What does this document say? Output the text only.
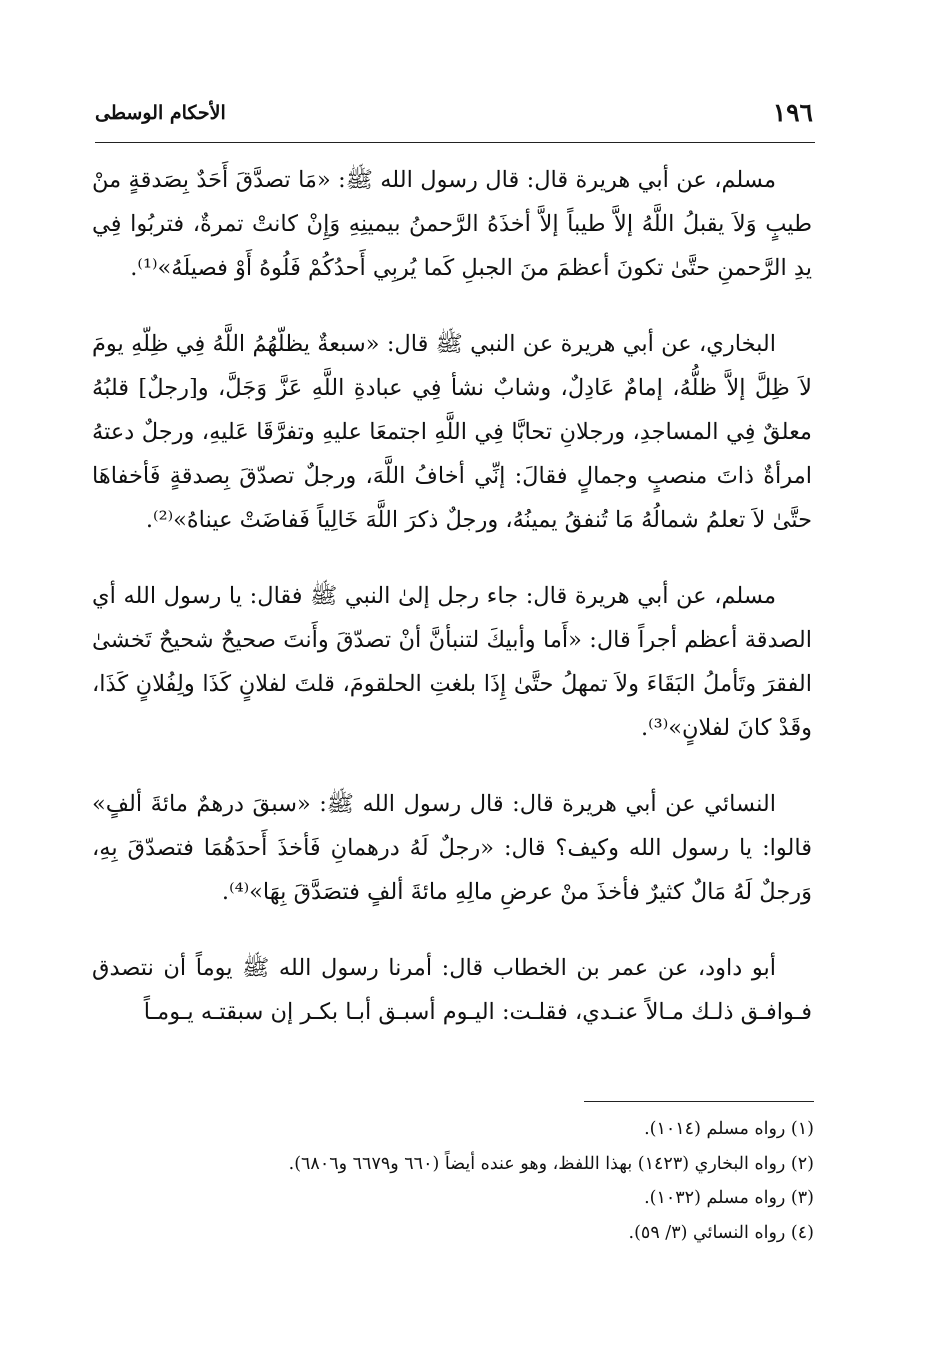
١٩٦
الأحكام الوسطى

مسلم، عن أبي هريرة قال: قال رسول الله ﷺ: «مَا تصدَّقَ أَحَدٌ بِصَدقةٍ منْ طيبٍ وَلاَ يقبلُ اللَّهُ إلاَّ طيباً إلاَّ أخذَهُ الرَّحمنُ بيمينِهِ وَإِنْ كانتْ تمرةٌ، فتربُوا فِي يدِ الرَّحمنِ حتَّىٰ تكونَ أعظمَ منَ الجبلِ كَما يُربِي أَحدُكُمْ فَلُوهُ أَوْ فصيلَهُ»⁽¹⁾.

البخاري، عن أبي هريرة عن النبي ﷺ قال: «سبعةٌ يظلّهُمُ اللَّهُ فِي ظِلّهِ يومَ لاَ ظِلَّ إلاَّ ظلُّهُ، إمامٌ عَادِلٌ، وشابٌ نشأ فِي عبادةِ اللَّهِ عَزَّ وَجَلَّ، و[رجلٌ] قلبُهُ معلقٌ فِي المساجدِ، ورجلانِ تحابَّا فِي اللَّهِ اجتمعَا عليهِ وتفرَّقَا عَليهِ، ورجلٌ دعتهُ امرأةٌ ذاتَ منصبٍ وجمالٍ فقالَ: إنِّي أخافُ اللَّهَ، ورجلٌ تصدّقَ بِصدقةٍ فَأخفاهَا حتَّىٰ لاَ تعلمُ شمالُهُ مَا تُنفقُ يمينُهُ، ورجلٌ ذكرَ اللَّهَ خَالِياً فَفاضَتْ عيناهُ»⁽²⁾.

مسلم، عن أبي هريرة قال: جاء رجل إلىٰ النبي ﷺ فقال: يا رسول الله أي الصدقة أعظم أجراً قال: «أَما وأبيكَ لتنبأنَّ أنْ تصدّقَ وأَنتَ صحيحٌ شحيحٌ تَخشىٰ الفقرَ وتَأملُ البَقَاءَ ولاَ تمهلُ حتَّىٰ إِذَا بلغتِ الحلقومَ، قلتَ لفلانٍ كَذَا ولِفُلانٍ كَذَا، وقَدْ كانَ لفلانٍ»⁽³⁾.

النسائي عن أبي هريرة قال: قال رسول الله ﷺ: «سبقَ درهمٌ مائةَ ألفٍ» قالوا: يا رسول الله وكيف؟ قال: «رجلٌ لَهُ درهمانِ فَأخذَ أَحدَهُمَا فتصدّقَ بِهِ، وَرجلٌ لَهُ مَالٌ كثيرٌ فأخذَ منْ عرضِ مالِهِ مائةَ ألفٍ فتصَدَّقَ بِهَا»⁽⁴⁾.

أبو داود، عن عمر بن الخطاب قال: أمرنا رسول الله ﷺ يوماً أن نتصدق فـوافـق ذلـك مـالاً عنـدي، فقلـت: اليـوم أسبـق أبـا بكـر إن سبقتـه يـومـاً

(١) رواه مسلم (١٠١٤).
(٢) رواه البخاري (١٤٢٣) بهذا اللفظ، وهو عنده أيضاً (٦٦٠ و٦٦٧٩ و٦٨٠٦).
(٣) رواه مسلم (١٠٣٢).
(٤) رواه النسائي (٣/ ٥٩).
